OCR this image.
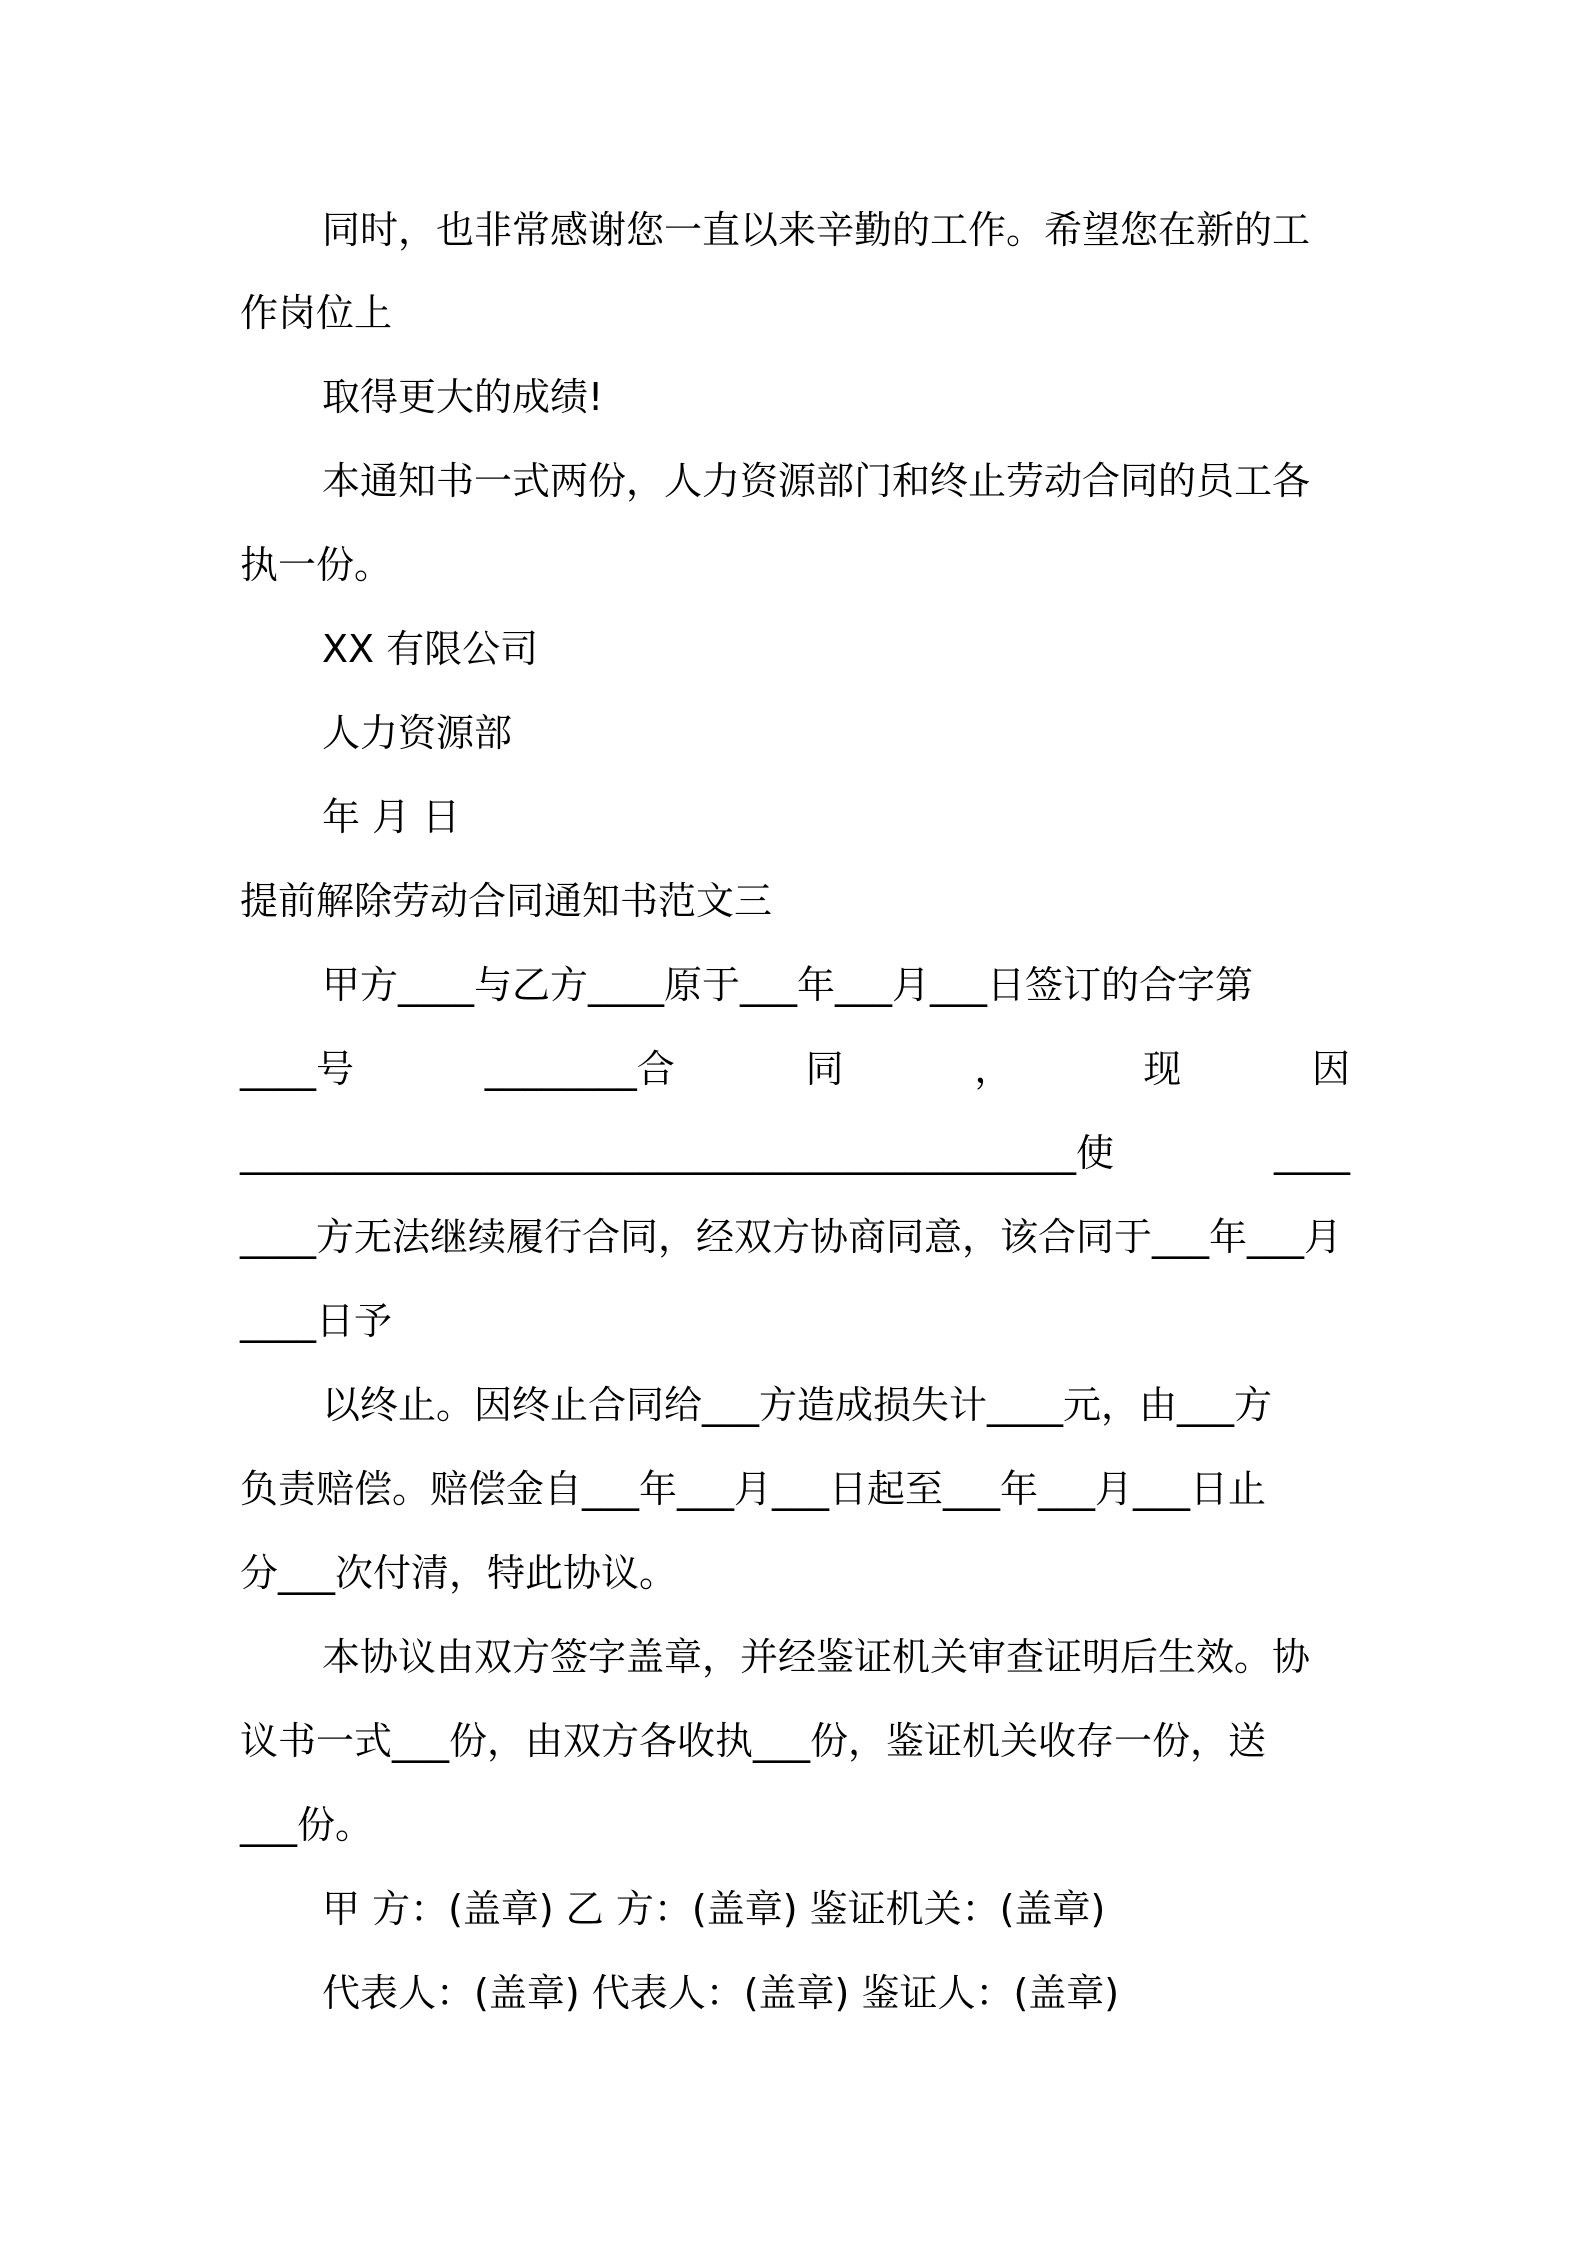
同时，也非常感谢您一直以来辛勤的工作。希望您在新的工
作岗位上
取得更大的成绩!
本通知书一式两份，人力资源部门和终止劳动合同的员工各
执一份。
XX 有限公司
人力资源部
年 月 日
提前解除劳动合同通知书范文三
甲方____与乙方____原于___年___月___日签订的合字第
____号	________合	同	，	现	因
____________________________________________使	____
____方无法继续履行合同，经双方协商同意，该合同于___年___月
____日予
以终止。因终止合同给___方造成损失计____元，由___方
负责赔偿。赔偿金自___年___月___日起至___年___月___日止
分___次付清，特此协议。
本协议由双方签字盖章，并经鉴证机关审查证明后生效。协
议书一式___份，由双方各收执___份，鉴证机关收存一份，送
___份。
甲 方：(盖章) 乙 方：(盖章) 鉴证机关：(盖章)
代表人：(盖章) 代表人：(盖章) 鉴证人：(盖章)
